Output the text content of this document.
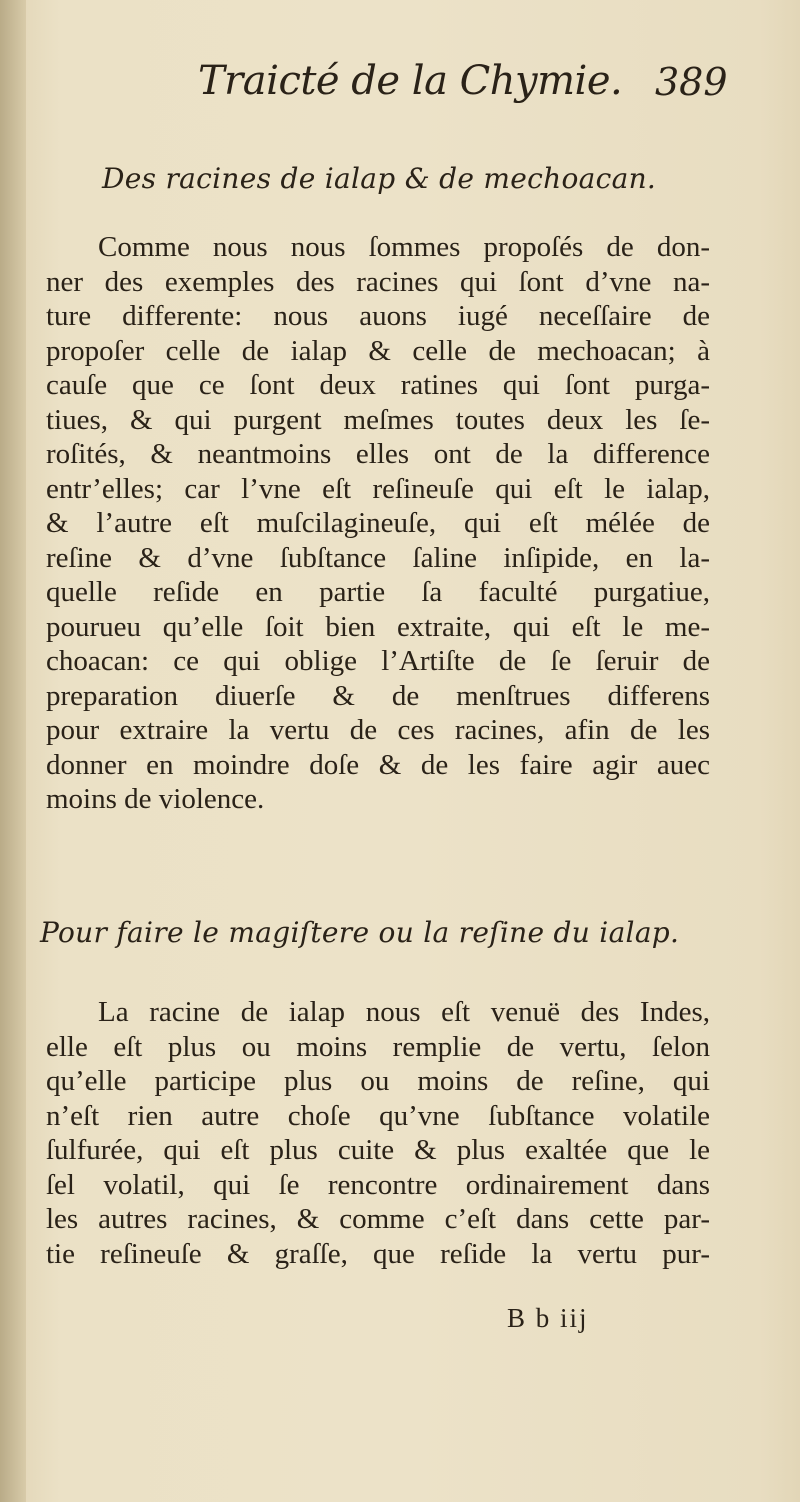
Traicté de la Chymie. 389
Des racines de ialap & de mechoacan.
Comme nous nous ſommes propoſés de don-
ner des exemples des racines qui ſont d’vne na-
ture differente: nous auons iugé neceſſaire de
propoſer celle de ialap & celle de mechoacan; à
cauſe que ce ſont deux ratines qui ſont purga-
tiues, & qui purgent meſmes toutes deux les ſe-
roſités, & neantmoins elles ont de la difference
entr’elles; car l’vne eſt reſineuſe qui eſt le ialap,
& l’autre eſt muſcilagineuſe, qui eſt mélée de
reſine & d’vne ſubſtance ſaline inſipide, en la-
quelle reſide en partie ſa faculté purgatiue,
pourueu qu’elle ſoit bien extraite, qui eſt le me-
choacan: ce qui oblige l’Artiſte de ſe ſeruir de
preparation diuerſe & de menſtrues differens
pour extraire la vertu de ces racines, afin de les
donner en moindre doſe & de les faire agir auec
moins de violence.
Pour faire le magiſtere ou la reſine du ialap.
La racine de ialap nous eſt venuë des Indes,
elle eſt plus ou moins remplie de vertu, ſelon
qu’elle participe plus ou moins de reſine, qui
n’eſt rien autre choſe qu’vne ſubſtance volatile
ſulfurée, qui eſt plus cuite & plus exaltée que le
ſel volatil, qui ſe rencontre ordinairement dans
les autres racines, & comme c’eſt dans cette par-
tie reſineuſe & graſſe, que reſide la vertu pur-
B b iij
